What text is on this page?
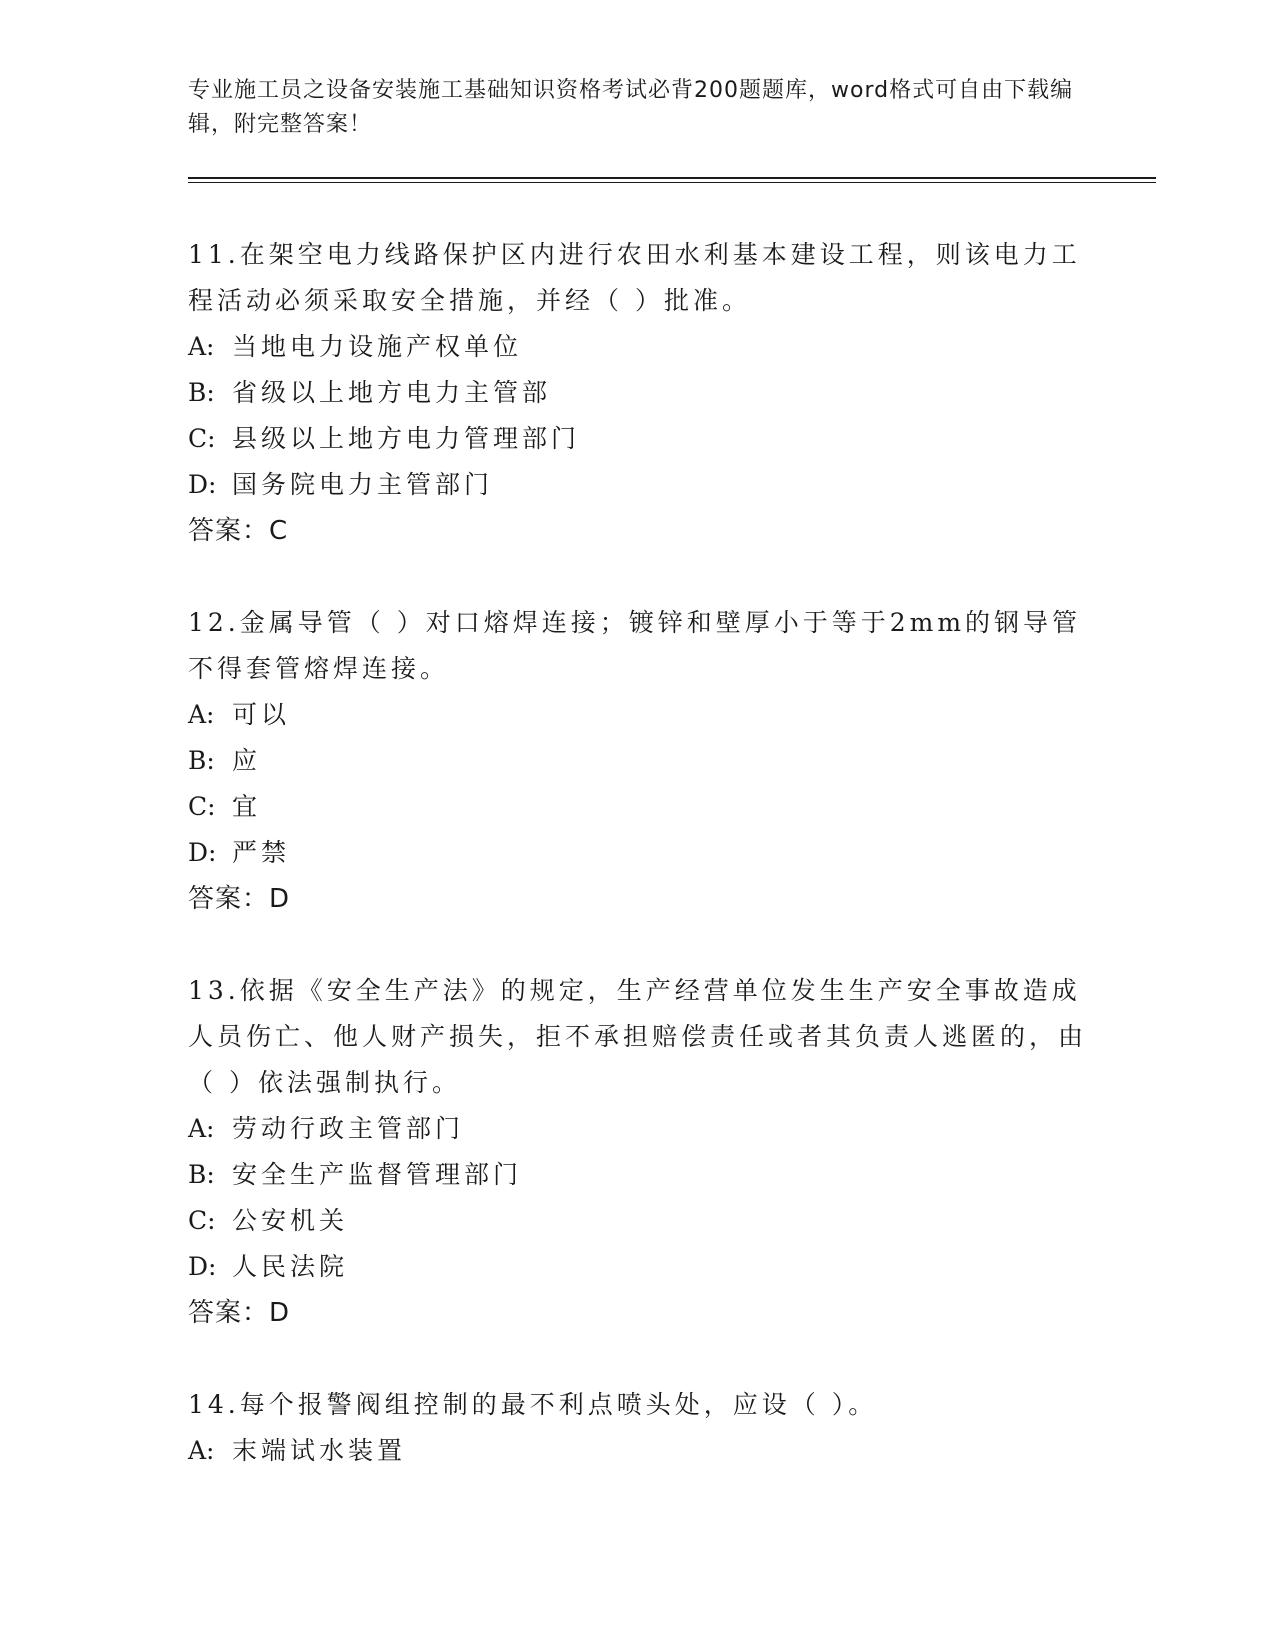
专业施工员之设备安装施工基础知识资格考试必背200题题库，word格式可自由下载编辑，附完整答案！

11.在架空电力线路保护区内进行农田水利基本建设工程，则该电力工程活动必须采取安全措施，并经（ ）批准。

A: 当地电力设施产权单位

B: 省级以上地方电力主管部

C: 县级以上地方电力管理部门

D: 国务院电力主管部门

答案：C

12.金属导管（ ）对口熔焊连接；镀锌和壁厚小于等于2mm的钢导管不得套管熔焊连接。

A: 可以

B: 应

C: 宜

D: 严禁

答案：D

13.依据《安全生产法》的规定，生产经营单位发生生产安全事故造成人员伤亡、他人财产损失，拒不承担赔偿责任或者其负责人逃匿的，由（ ）依法强制执行。

A: 劳动行政主管部门

B: 安全生产监督管理部门

C: 公安机关

D: 人民法院

答案：D

14.每个报警阀组控制的最不利点喷头处，应设（ ）。

A: 末端试水装置
